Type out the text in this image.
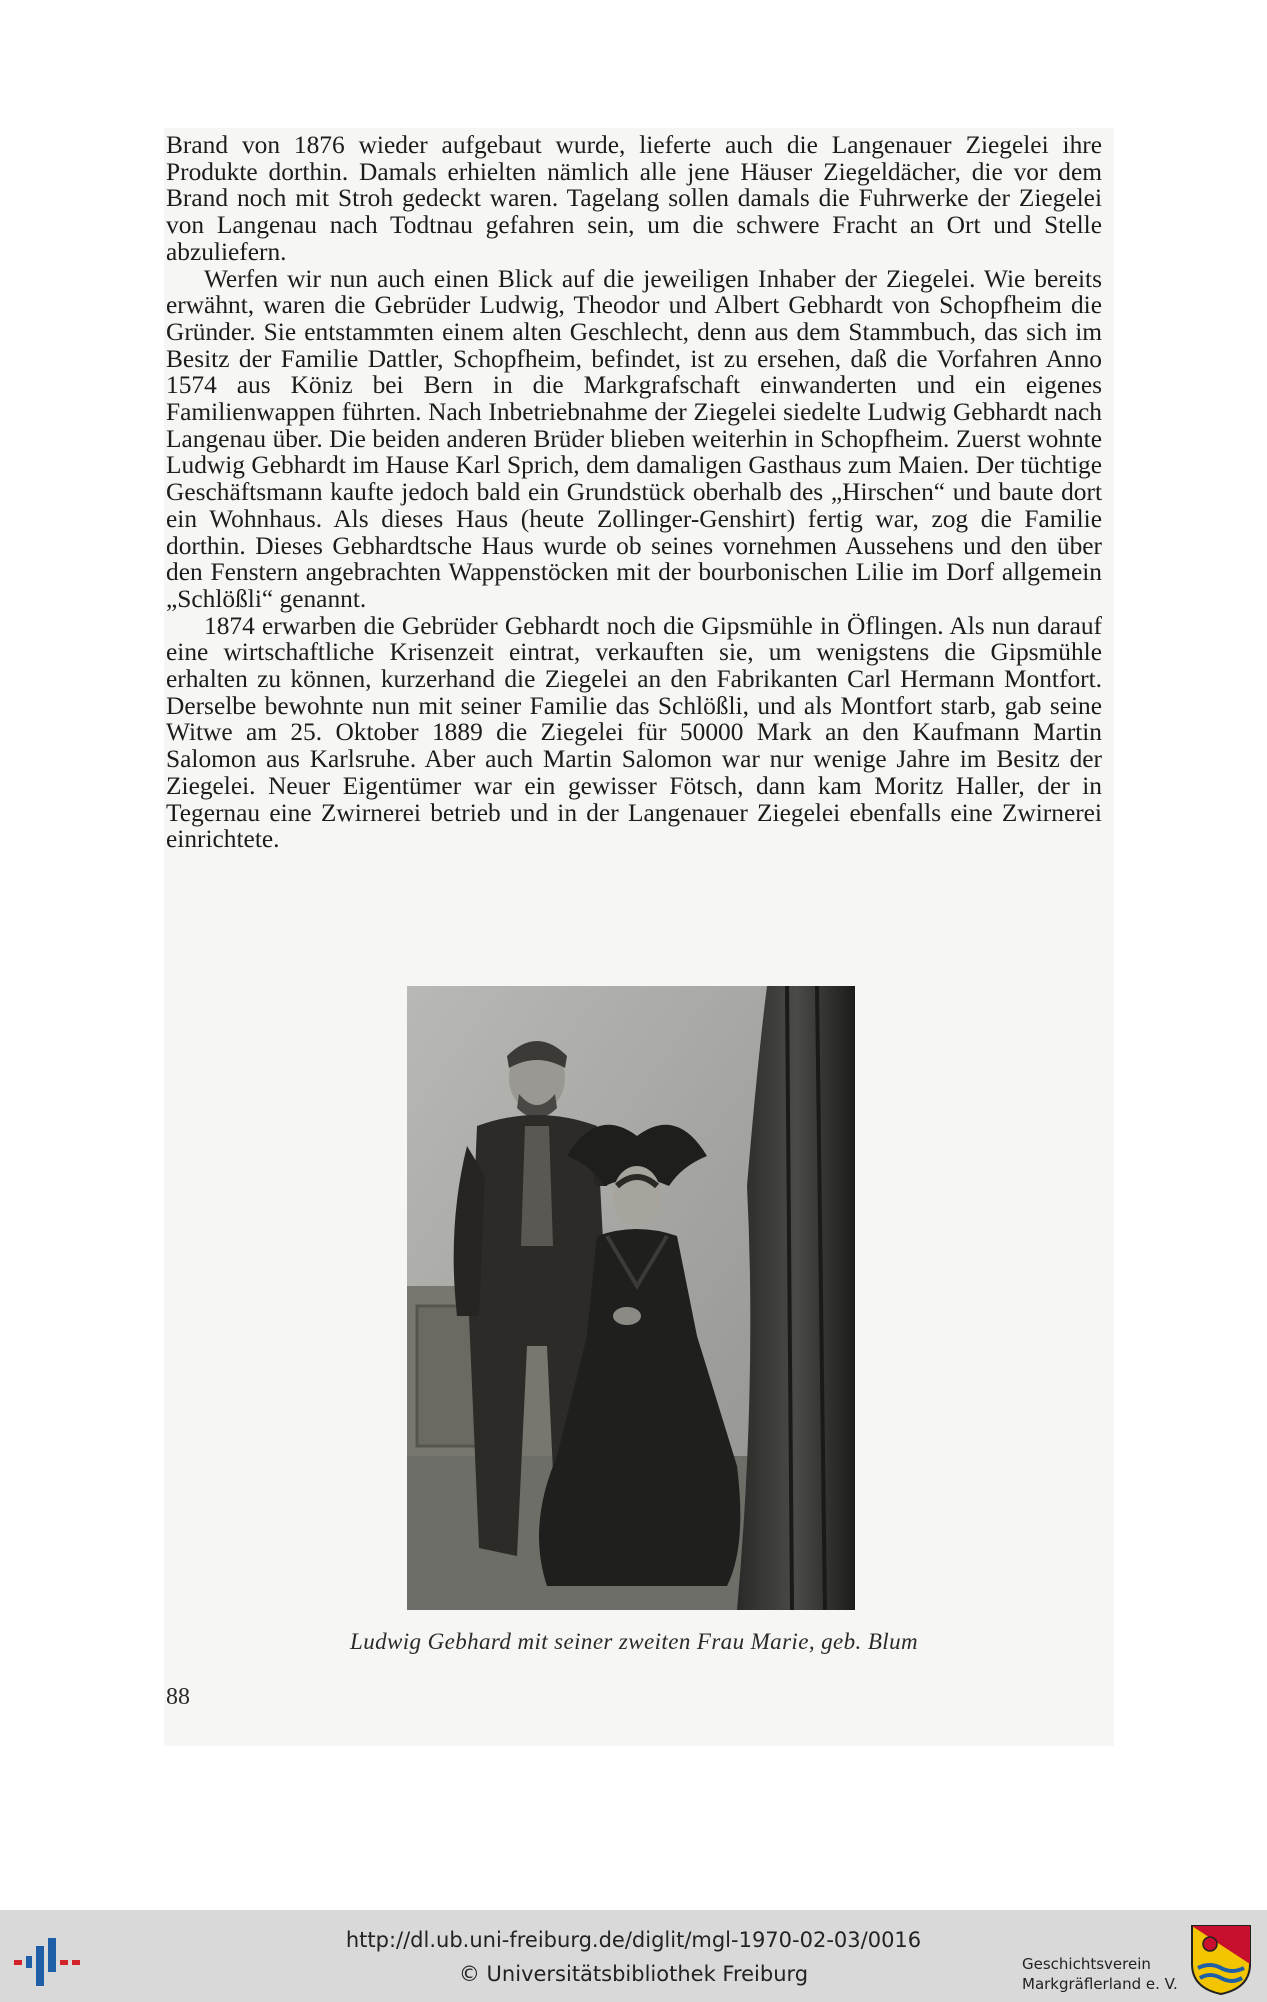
Brand von 1876 wieder aufgebaut wurde, lieferte auch die Langenauer Ziegelei ihre Produkte dorthin. Damals erhielten nämlich alle jene Häuser Ziegeldächer, die vor dem Brand noch mit Stroh gedeckt waren. Tagelang sollen damals die Fuhrwerke der Ziegelei von Langenau nach Todtnau gefahren sein, um die schwere Fracht an Ort und Stelle abzuliefern.

Werfen wir nun auch einen Blick auf die jeweiligen Inhaber der Ziegelei. Wie bereits erwähnt, waren die Gebrüder Ludwig, Theodor und Albert Gebhardt von Schopfheim die Gründer. Sie entstammten einem alten Geschlecht, denn aus dem Stammbuch, das sich im Besitz der Familie Dattler, Schopfheim, befindet, ist zu ersehen, daß die Vorfahren Anno 1574 aus Köniz bei Bern in die Markgrafschaft einwanderten und ein eigenes Familienwappen führten. Nach Inbetriebnahme der Ziegelei siedelte Ludwig Gebhardt nach Langenau über. Die beiden anderen Brüder blieben weiterhin in Schopfheim. Zuerst wohnte Ludwig Gebhardt im Hause Karl Sprich, dem damaligen Gasthaus zum Maien. Der tüchtige Geschäftsmann kaufte jedoch bald ein Grundstück oberhalb des „Hirschen“ und baute dort ein Wohnhaus. Als dieses Haus (heute Zollinger-Genshirt) fertig war, zog die Familie dorthin. Dieses Gebhardtsche Haus wurde ob seines vornehmen Aussehens und den über den Fenstern angebrachten Wappenstöcken mit der bourbonischen Lilie im Dorf allgemein „Schlößli“ genannt.

1874 erwarben die Gebrüder Gebhardt noch die Gipsmühle in Öflingen. Als nun darauf eine wirtschaftliche Krisenzeit eintrat, verkauften sie, um wenigstens die Gipsmühle erhalten zu können, kurzerhand die Ziegelei an den Fabrikanten Carl Hermann Montfort. Derselbe bewohnte nun mit seiner Familie das Schlößli, und als Montfort starb, gab seine Witwe am 25. Oktober 1889 die Ziegelei für 50000 Mark an den Kaufmann Martin Salomon aus Karlsruhe. Aber auch Martin Salomon war nur wenige Jahre im Besitz der Ziegelei. Neuer Eigentümer war ein gewisser Fötsch, dann kam Moritz Haller, der in Tegernau eine Zwirnerei betrieb und in der Langenauer Ziegelei ebenfalls eine Zwirnerei einrichtete.

Ludwig Gebhard mit seiner zweiten Frau Marie, geb. Blum
88
http://dl.ub.uni-freiburg.de/diglit/mgl-1970-02-03/0016
© Universitätsbibliothek Freiburg	Geschichtsverein
Markgräflerland e. V.
